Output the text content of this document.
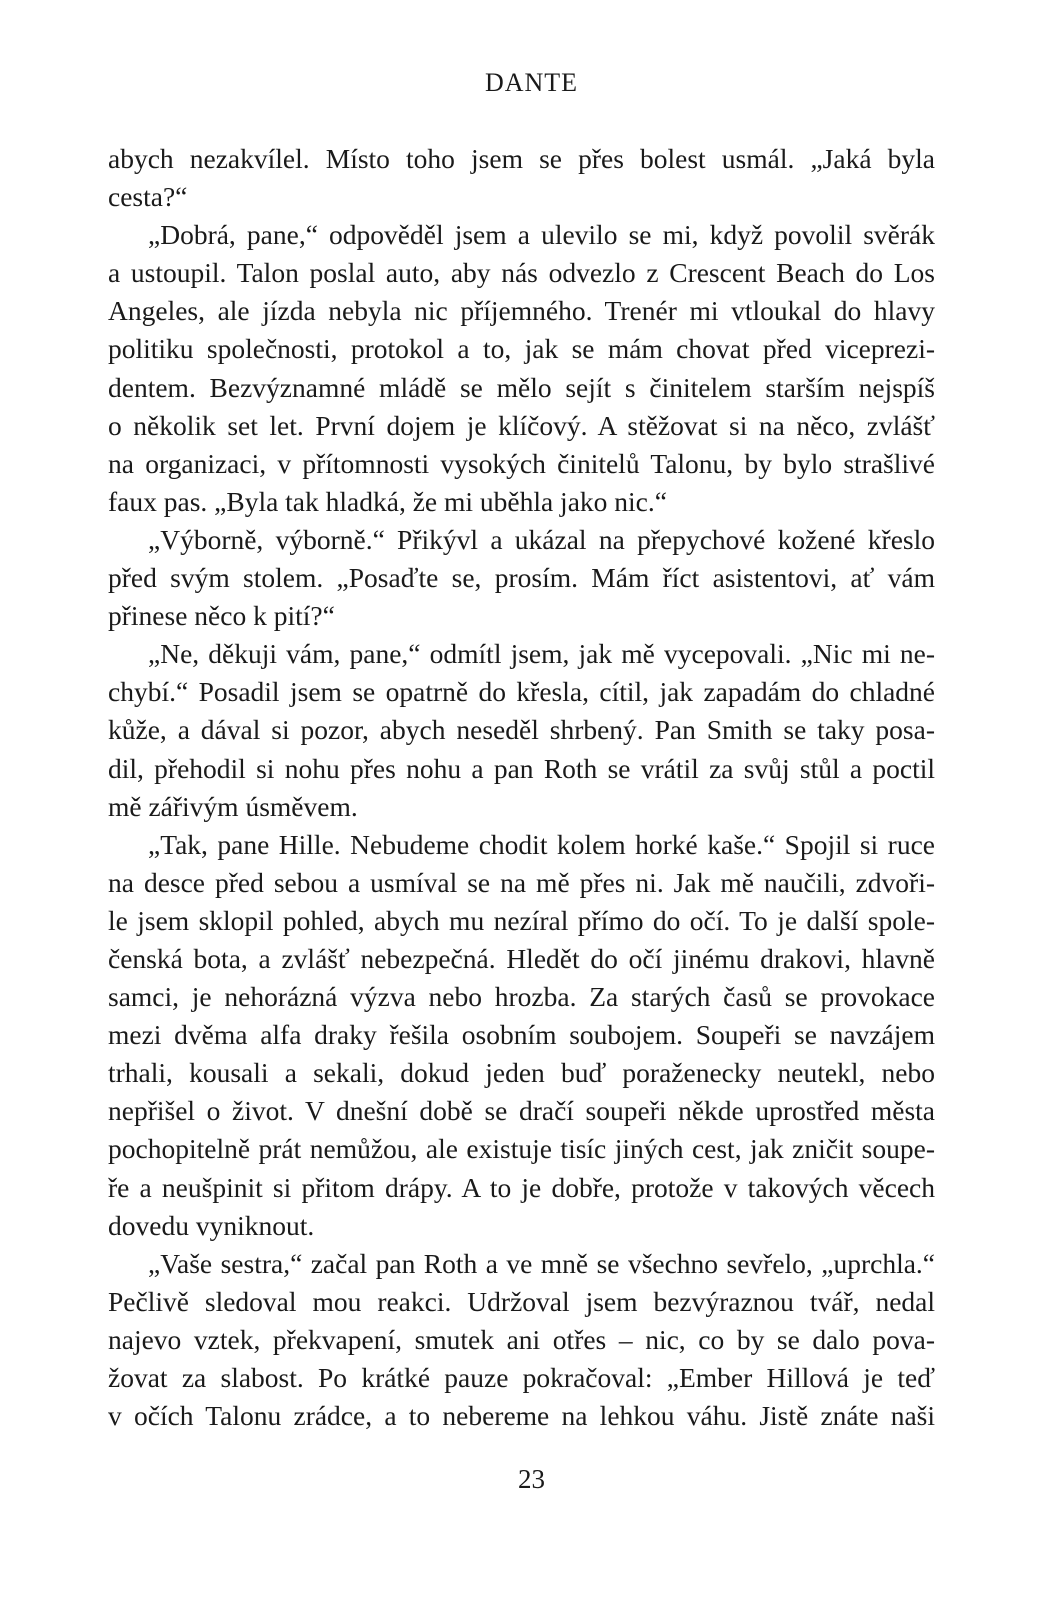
DANTE
abych nezakvílel. Místo toho jsem se přes bolest usmál. „Jaká byla
cesta?“
„Dobrá, pane,“ odpověděl jsem a ulevilo se mi, když povolil svěrák
a ustoupil. Talon poslal auto, aby nás odvezlo z Crescent Beach do Los
Angeles, ale jízda nebyla nic příjemného. Trenér mi vtloukal do hlavy
politiku společnosti, protokol a to, jak se mám chovat před viceprezi-
dentem. Bezvýznamné mládě se mělo sejít s činitelem starším nejspíš
o několik set let. První dojem je klíčový. A stěžovat si na něco, zvlášť
na organizaci, v přítomnosti vysokých činitelů Talonu, by bylo strašlivé
faux pas. „Byla tak hladká, že mi uběhla jako nic.“
„Výborně, výborně.“ Přikývl a ukázal na přepychové kožené křeslo
před svým stolem. „Posaďte se, prosím. Mám říct asistentovi, ať vám
přinese něco k pití?“
„Ne, děkuji vám, pane,“ odmítl jsem, jak mě vycepovali. „Nic mi ne-
chybí.“ Posadil jsem se opatrně do křesla, cítil, jak zapadám do chladné
kůže, a dával si pozor, abych neseděl shrbený. Pan Smith se taky posa-
dil, přehodil si nohu přes nohu a pan Roth se vrátil za svůj stůl a poctil
mě zářivým úsměvem.
„Tak, pane Hille. Nebudeme chodit kolem horké kaše.“ Spojil si ruce
na desce před sebou a usmíval se na mě přes ni. Jak mě naučili, zdvoři-
le jsem sklopil pohled, abych mu nezíral přímo do očí. To je další spole-
čenská bota, a zvlášť nebezpečná. Hledět do očí jinému drakovi, hlavně
samci, je nehorázná výzva nebo hrozba. Za starých časů se provokace
mezi dvěma alfa draky řešila osobním soubojem. Soupeři se navzájem
trhali, kousali a sekali, dokud jeden buď poraženecky neutekl, nebo
nepřišel o život. V dnešní době se dračí soupeři někde uprostřed města
pochopitelně prát nemůžou, ale existuje tisíc jiných cest, jak zničit soupe-
ře a neušpinit si přitom drápy. A to je dobře, protože v takových věcech
dovedu vyniknout.
„Vaše sestra,“ začal pan Roth a ve mně se všechno sevřelo, „uprchla.“
Pečlivě sledoval mou reakci. Udržoval jsem bezvýraznou tvář, nedal
najevo vztek, překvapení, smutek ani otřes – nic, co by se dalo pova-
žovat za slabost. Po krátké pauze pokračoval: „Ember Hillová je teď
v očích Talonu zrádce, a to nebereme na lehkou váhu. Jistě znáte naši
23
